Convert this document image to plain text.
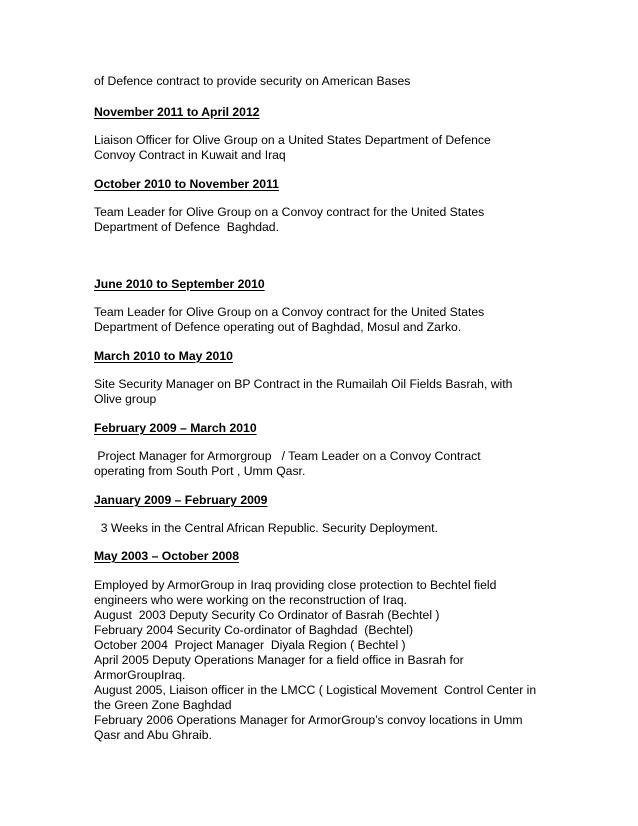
of Defence contract to provide security on American Bases
November 2011 to April 2012
Liaison Officer for Olive Group on a United States Department of Defence
Convoy Contract in Kuwait and Iraq
October 2010 to November 2011
Team Leader for Olive Group on a Convoy contract for the United States
Department of Defence  Baghdad.
June 2010 to September 2010
Team Leader for Olive Group on a Convoy contract for the United States
Department of Defence operating out of Baghdad, Mosul and Zarko.
March 2010 to May 2010
Site Security Manager on BP Contract in the Rumailah Oil Fields Basrah, with
Olive group
February 2009 – March 2010
Project Manager for Armorgroup   / Team Leader on a Convoy Contract
operating from South Port , Umm Qasr.
January 2009 – February 2009
3 Weeks in the Central African Republic. Security Deployment.
May 2003 – October 2008
Employed by ArmorGroup in Iraq providing close protection to Bechtel field
engineers who were working on the reconstruction of Iraq.
August  2003 Deputy Security Co Ordinator of Basrah (Bechtel )
February 2004 Security Co-ordinator of Baghdad  (Bechtel)
October 2004  Project Manager  Diyala Region ( Bechtel )
April 2005 Deputy Operations Manager for a field office in Basrah for
ArmorGroupIraq.
August 2005, Liaison officer in the LMCC ( Logistical Movement  Control Center in
the Green Zone Baghdad
February 2006 Operations Manager for ArmorGroup’s convoy locations in Umm
Qasr and Abu Ghraib.
